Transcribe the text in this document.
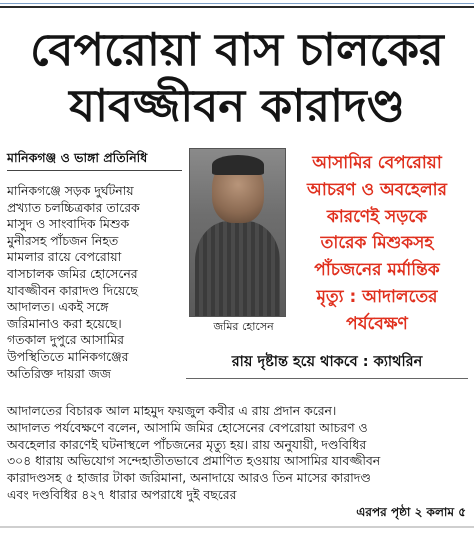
বেপরোয়া বাস চালকের
যাবজ্জীবন কারাদণ্ড
মানিকগঞ্জ ও ভাঙ্গা প্রতিনিধি
মানিকগঞ্জে সড়ক দুর্ঘটনায়
প্রখ্যাত চলচ্চিত্রকার তারেক
মাসুদ ও সাংবাদিক মিশুক
মুনীরসহ পাঁচজন নিহত
মামলার রায়ে বেপরোয়া
বাসচালক জমির হোসেনের
যাবজ্জীবন কারাদণ্ড দিয়েছে
আদালত। একই সঙ্গে
জরিমানাও করা হয়েছে।
গতকাল দুপুরে আসামির
উপস্থিতিতে মানিকগঞ্জের
অতিরিক্ত দায়রা জজ
জমির হোসেন
আসামির বেপরোয়া
আচরণ ও অবহেলার
কারণেই সড়কে
তারেক মিশুকসহ
পাঁচজনের মর্মান্তিক
মৃত্যু : আদালতের
পর্যবেক্ষণ
রায় দৃষ্টান্ত হয়ে থাকবে : ক্যাথরিন
আদালতের বিচারক আল মাহমুদ ফয়জুল কবীর এ রায় প্রদান করেন।
আদালত পর্যবেক্ষণে বলেন, আসামি জমির হোসেনের বেপরোয়া আচরণ ও
অবহেলার কারণেই ঘটনাস্থলে পাঁচজনের মৃত্যু হয়। রায় অনুযায়ী, দণ্ডবিধির
৩০৪ ধারায় অভিযোগ সন্দেহাতীতভাবে প্রমাণিত হওয়ায় আসামির যাবজ্জীবন
কারাদণ্ডসহ ৫ হাজার টাকা জরিমানা, অনাদায়ে আরও তিন মাসের কারাদণ্ড
এবং দণ্ডবিধির ৪২৭ ধারার অপরাধে দুই বছরের
এরপর পৃষ্ঠা ২ কলাম ৫
